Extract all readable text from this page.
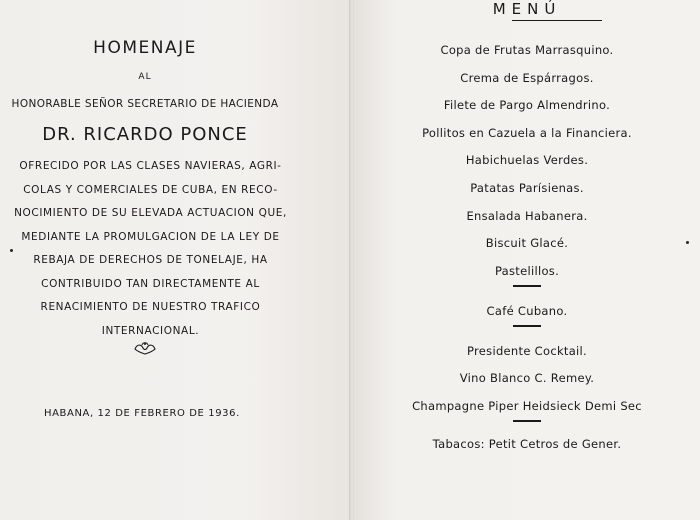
HOMENAJE
AL
HONORABLE SEÑOR SECRETARIO DE HACIENDA
DR. RICARDO PONCE
OFRECIDO POR LAS CLASES NAVIERAS, AGRI-
COLAS Y COMERCIALES DE CUBA, EN RECO-
NOCIMIENTO DE SU ELEVADA ACTUACION QUE,
MEDIANTE LA PROMULGACION DE LA LEY DE
REBAJA DE DERECHOS DE TONELAJE, HA
CONTRIBUIDO TAN DIRECTAMENTE AL
RENACIMIENTO DE NUESTRO TRAFICO
INTERNACIONAL.
HABANA, 12 DE FEBRERO DE 1936.
MENÚ
Copa de Frutas Marrasquino.
Crema de Espárragos.
Filete de Pargo Almendrino.
Pollitos en Cazuela a la Financiera.
Habichuelas Verdes.
Patatas Parísienas.
Ensalada Habanera.
Biscuit Glacé.
Pastelillos.
Café Cubano.
Presidente Cocktail.
Vino Blanco C. Remey.
Champagne Piper Heidsieck Demi Sec
Tabacos: Petit Cetros de Gener.
